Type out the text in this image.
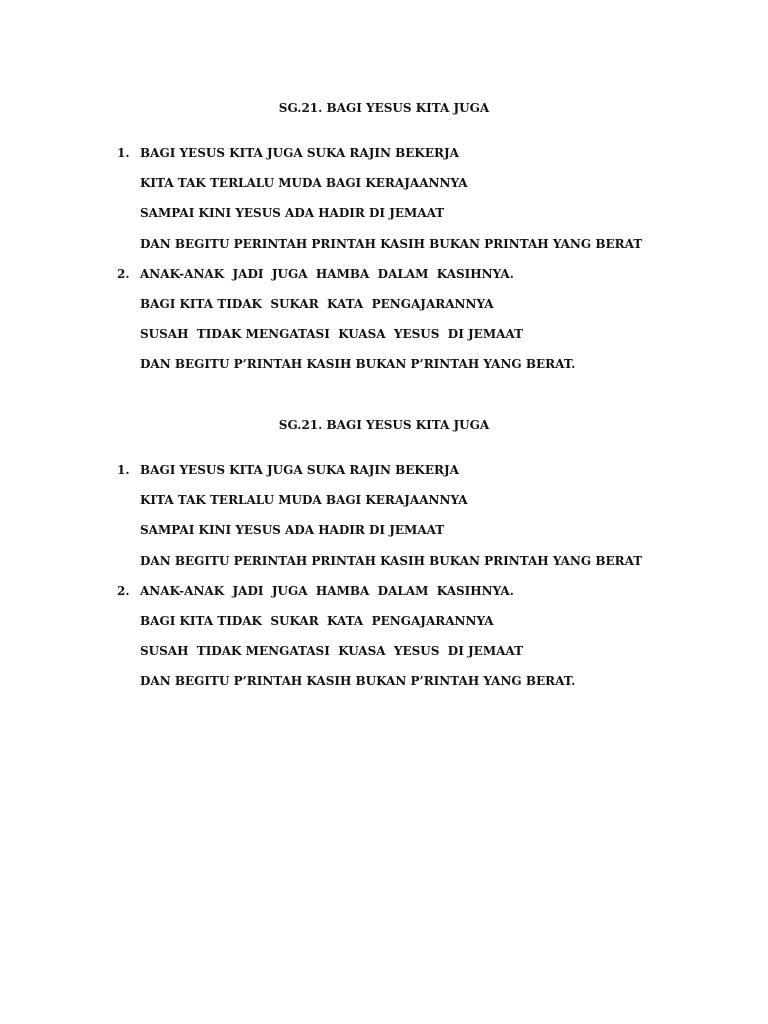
SG.21. BAGI YESUS KITA JUGA
1. BAGI YESUS KITA JUGA SUKA RAJIN BEKERJA
KITA TAK TERLALU MUDA BAGI KERAJAANNYA
SAMPAI KINI YESUS ADA HADIR DI JEMAAT
DAN BEGITU PERINTAH PRINTAH KASIH BUKAN PRINTAH YANG BERAT
2. ANAK-ANAK  JADI  JUGA  HAMBA  DALAM  KASIHNYA.
BAGI KITA TIDAK  SUKAR  KATA  PENGAJARANNYA
SUSAH  TIDAK MENGATASI  KUASA  YESUS  DI JEMAAT
DAN BEGITU P’RINTAH KASIH BUKAN P’RINTAH YANG BERAT.
SG.21. BAGI YESUS KITA JUGA
1. BAGI YESUS KITA JUGA SUKA RAJIN BEKERJA
KITA TAK TERLALU MUDA BAGI KERAJAANNYA
SAMPAI KINI YESUS ADA HADIR DI JEMAAT
DAN BEGITU PERINTAH PRINTAH KASIH BUKAN PRINTAH YANG BERAT
2. ANAK-ANAK  JADI  JUGA  HAMBA  DALAM  KASIHNYA.
BAGI KITA TIDAK  SUKAR  KATA  PENGAJARANNYA
SUSAH  TIDAK MENGATASI  KUASA  YESUS  DI JEMAAT
DAN BEGITU P’RINTAH KASIH BUKAN P’RINTAH YANG BERAT.
